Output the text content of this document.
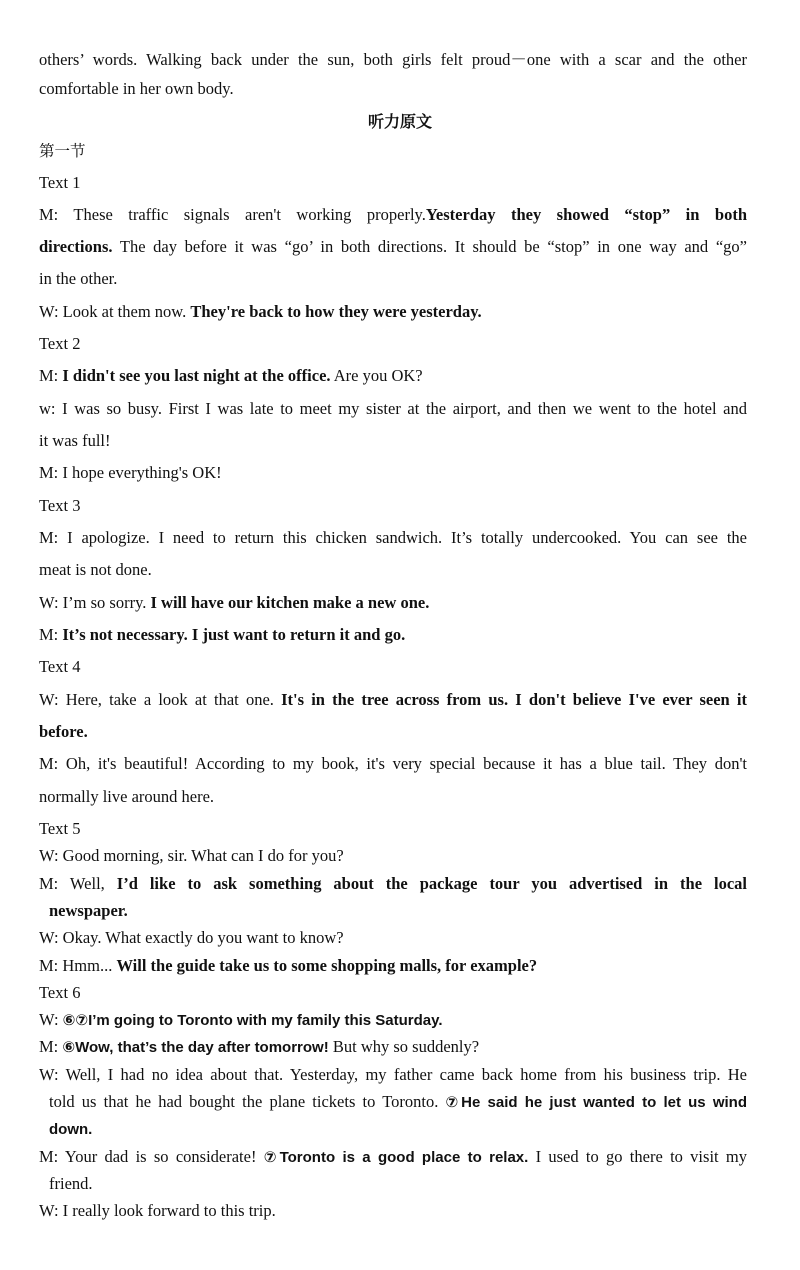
others’ words. Walking back under the sun, both girls felt proud－one with a scar and the other
comfortable in her own body.
听力原文
第一节
Text 1
M: These traffic signals aren't working properly.Yesterday they showed “stop” in both
directions. The day before it was “go’ in both directions. It should be “stop” in one way and “go”
in the other.
W: Look at them now. They're back to how they were yesterday.
Text 2
M: I didn't see you last night at the office. Are you OK?
w: I was so busy. First I was late to meet my sister at the airport, and then we went to the hotel and
it was full!
M: I hope everything's OK!
Text 3
M: I apologize. I need to return this chicken sandwich. It’s totally undercooked. You can see the
meat is not done.
W: I’m so sorry. I will have our kitchen make a new one.
M: It’s not necessary. I just want to return it and go.
Text 4
W: Here, take a look at that one. It's in the tree across from us. I don't believe I've ever seen it
before.
M: Oh, it's beautiful! According to my book, it's very special because it has a blue tail. They don't
normally live around here.
Text 5
W: Good morning, sir. What can I do for you?
M: Well, I’d like to ask something about the package tour you advertised in the local
newspaper.
W: Okay. What exactly do you want to know?
M: Hmm... Will the guide take us to some shopping malls, for example?
Text 6
W: ⑥⑦I’m going to Toronto with my family this Saturday.
M: ⑥Wow, that’s the day after tomorrow! But why so suddenly?
W: Well, I had no idea about that. Yesterday, my father came back home from his business trip. He
told us that he had bought the plane tickets to Toronto. ⑦He said he just wanted to let us wind
down.
M: Your dad is so considerate! ⑦Toronto is a good place to relax. I used to go there to visit my
friend.
W: I really look forward to this trip.
